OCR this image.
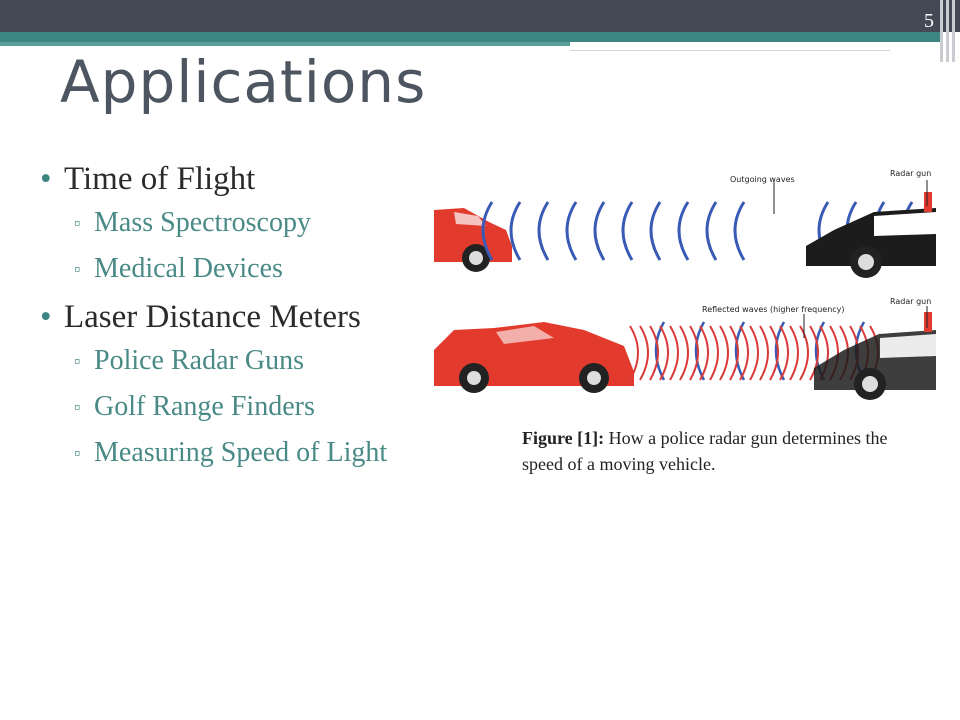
5
Applications
• Time of Flight
▫ Mass Spectroscopy
▫ Medical Devices
• Laser Distance Meters
▫ Police Radar Guns
▫ Golf Range Finders
▫ Measuring Speed of Light
Outgoing waves
Radar gun
Reflected waves (higher frequency)
Radar gun
Figure [1]: How a police radar gun determines the speed of a moving vehicle.
